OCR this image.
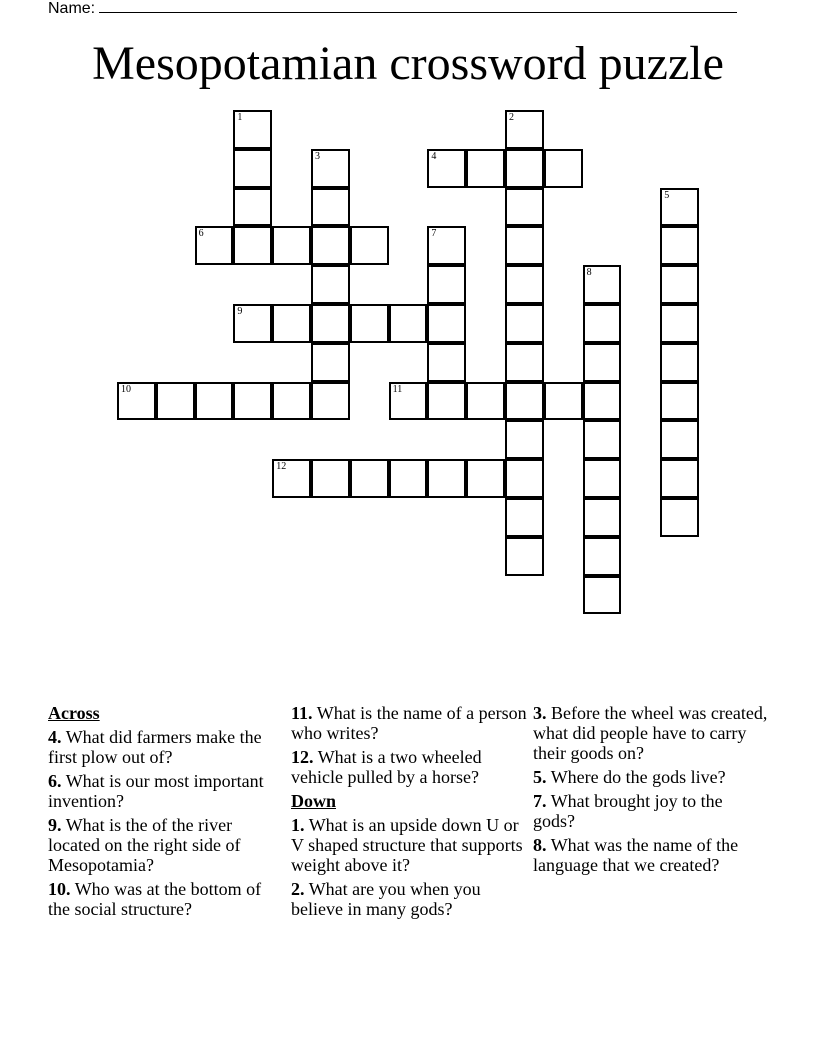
Name:
Mesopotamian crossword puzzle
1	2
3	4
5
6	7
8
9
10	11
12
Across
4. What did farmers make the first plow out of?
6. What is our most important invention?
9. What is the of the river located on the right side of Mesopotamia?
10. Who was at the bottom of the social structure?
11. What is the name of a person who writes?
12. What is a two wheeled vehicle pulled by a horse?
Down
1. What is an upside down U or V shaped structure that supports weight above it?
2. What are you when you believe in many gods?
3. Before the wheel was created, what did people have to carry their goods on?
5. Where do the gods live?
7. What brought joy to the gods?
8. What was the name of the language that we created?
